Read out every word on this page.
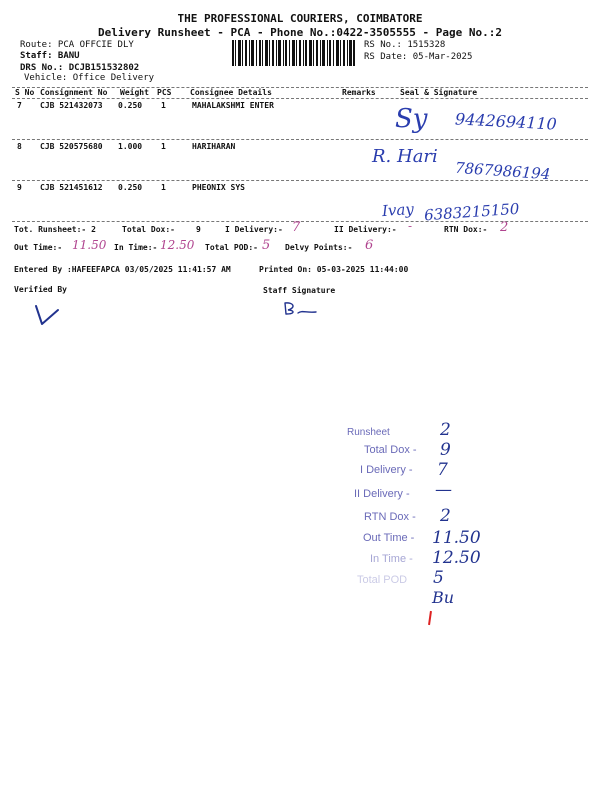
THE PROFESSIONAL COURIERS, COIMBATORE
Delivery Runsheet - PCA - Phone No.:0422-3505555 - Page No.:2
Route: PCA OFFCIE DLY
Staff: BANU
DRS No.: DCJB151532802
Vehicle: Office Delivery
RS No.: 1515328
RS Date: 05-Mar-2025
S No Consignment No Weight PCS Consignee Details	Remarks	Seal & Signature
7 CJB 521432073 0.250 1	MAHALAKSHMI ENTER	Sy 9442694110
8 CJB 520575680 1.000 1	HARIHARAN	R. Hari
7867986194
9 CJB 521451612 0.250 1	PHEONIX SYS
Ivay 6383215150
Tot. Runsheet:- 2	Total Dox:-	9	I Delivery:- 7	II Delivery:- -	RTN Dox:- 2
Out Time:- 11.50 In Time:- 12.50 Total POD:- 5 Delvy Points:- 6
Entered By :HAFEEFAPCA 03/05/2025 11:41:57 AM	Printed On: 05-03-2025 11:44:00
Verified By	Staff Signature
Runsheet	2
Total Dox - 9
I Delivery - 7
II Delivery - —
RTN Dox - 2
Out Time - 11.50
In Time - 12.50
Total POD 5
Bu
